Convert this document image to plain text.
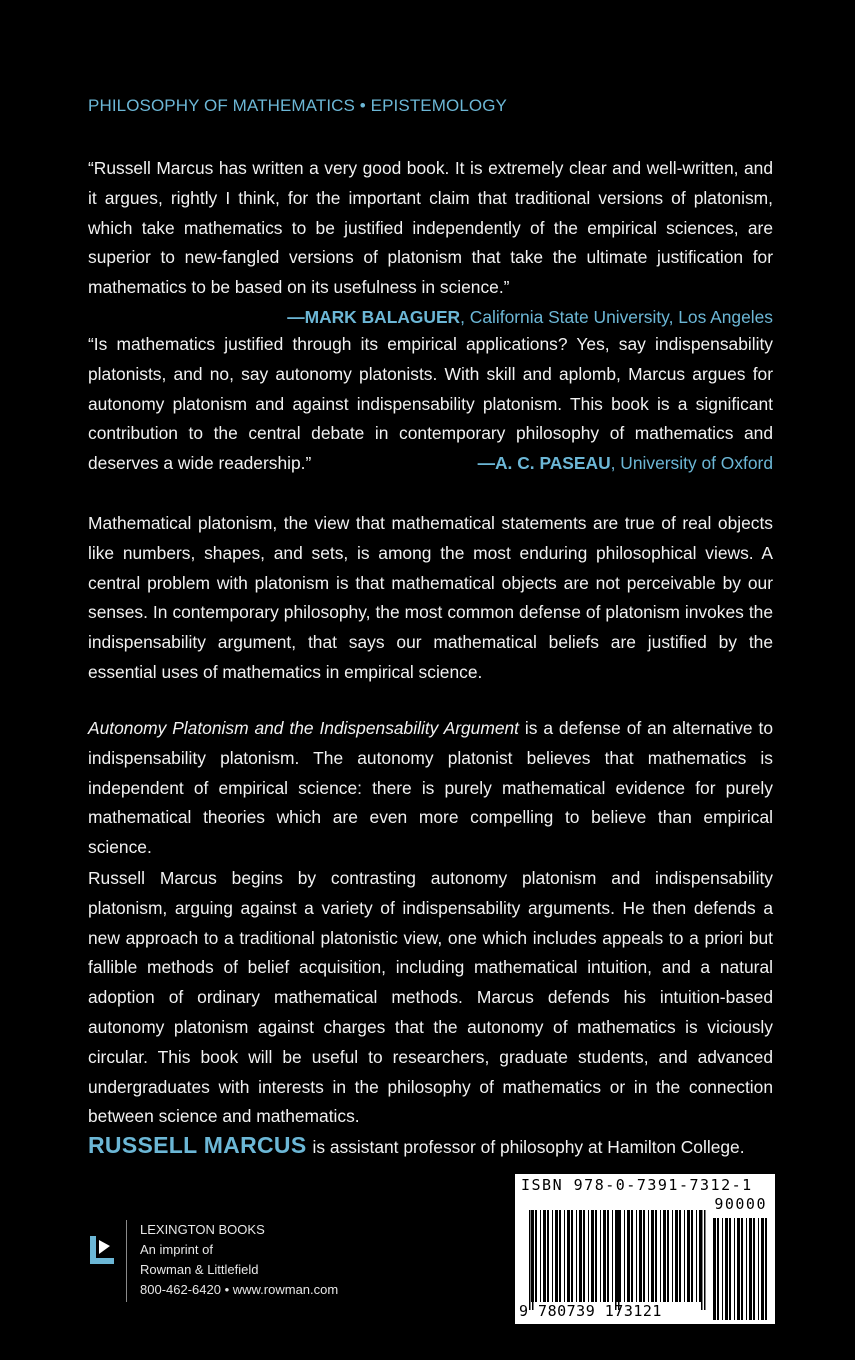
PHILOSOPHY OF MATHEMATICS • EPISTEMOLOGY
“Russell Marcus has written a very good book. It is extremely clear and well-written, and it argues, rightly I think, for the important claim that traditional versions of platonism, which take mathematics to be justified independently of the empirical sciences, are superior to new-fangled versions of platonism that take the ultimate justification for mathematics to be based on its usefulness in science.”
—MARK BALAGUER, California State University, Los Angeles
“Is mathematics justified through its empirical applications? Yes, say indispensability platonists, and no, say autonomy platonists. With skill and aplomb, Marcus argues for autonomy platonism and against indispensability platonism. This book is a significant contribution to the central debate in contemporary philosophy of mathematics and deserves a wide readership.”	—A. C. PASEAU, University of Oxford
Mathematical platonism, the view that mathematical statements are true of real objects like numbers, shapes, and sets, is among the most enduring philosophical views. A central problem with platonism is that mathematical objects are not perceivable by our senses. In contemporary philosophy, the most common defense of platonism invokes the indispensability argument, that says our mathematical beliefs are justified by the essential uses of mathematics in empirical science.
Autonomy Platonism and the Indispensability Argument is a defense of an alternative to indispensability platonism. The autonomy platonist believes that mathematics is independent of empirical science: there is purely mathematical evidence for purely mathematical theories which are even more compelling to believe than empirical science.
Russell Marcus begins by contrasting autonomy platonism and indispensability platonism, arguing against a variety of indispensability arguments. He then defends a new approach to a traditional platonistic view, one which includes appeals to a priori but fallible methods of belief acquisition, including mathematical intuition, and a natural adoption of ordinary mathematical methods. Marcus defends his intuition-based autonomy platonism against charges that the autonomy of mathematics is viciously circular. This book will be useful to researchers, graduate students, and advanced undergraduates with interests in the philosophy of mathematics or in the connection between science and mathematics.
RUSSELL MARCUS is assistant professor of philosophy at Hamilton College.
LEXINGTON BOOKS
An imprint of
Rowman & Littlefield
800-462-6420 • www.rowman.com
ISBN 978-0-7391-7312-1
90000
9 780739 173121
